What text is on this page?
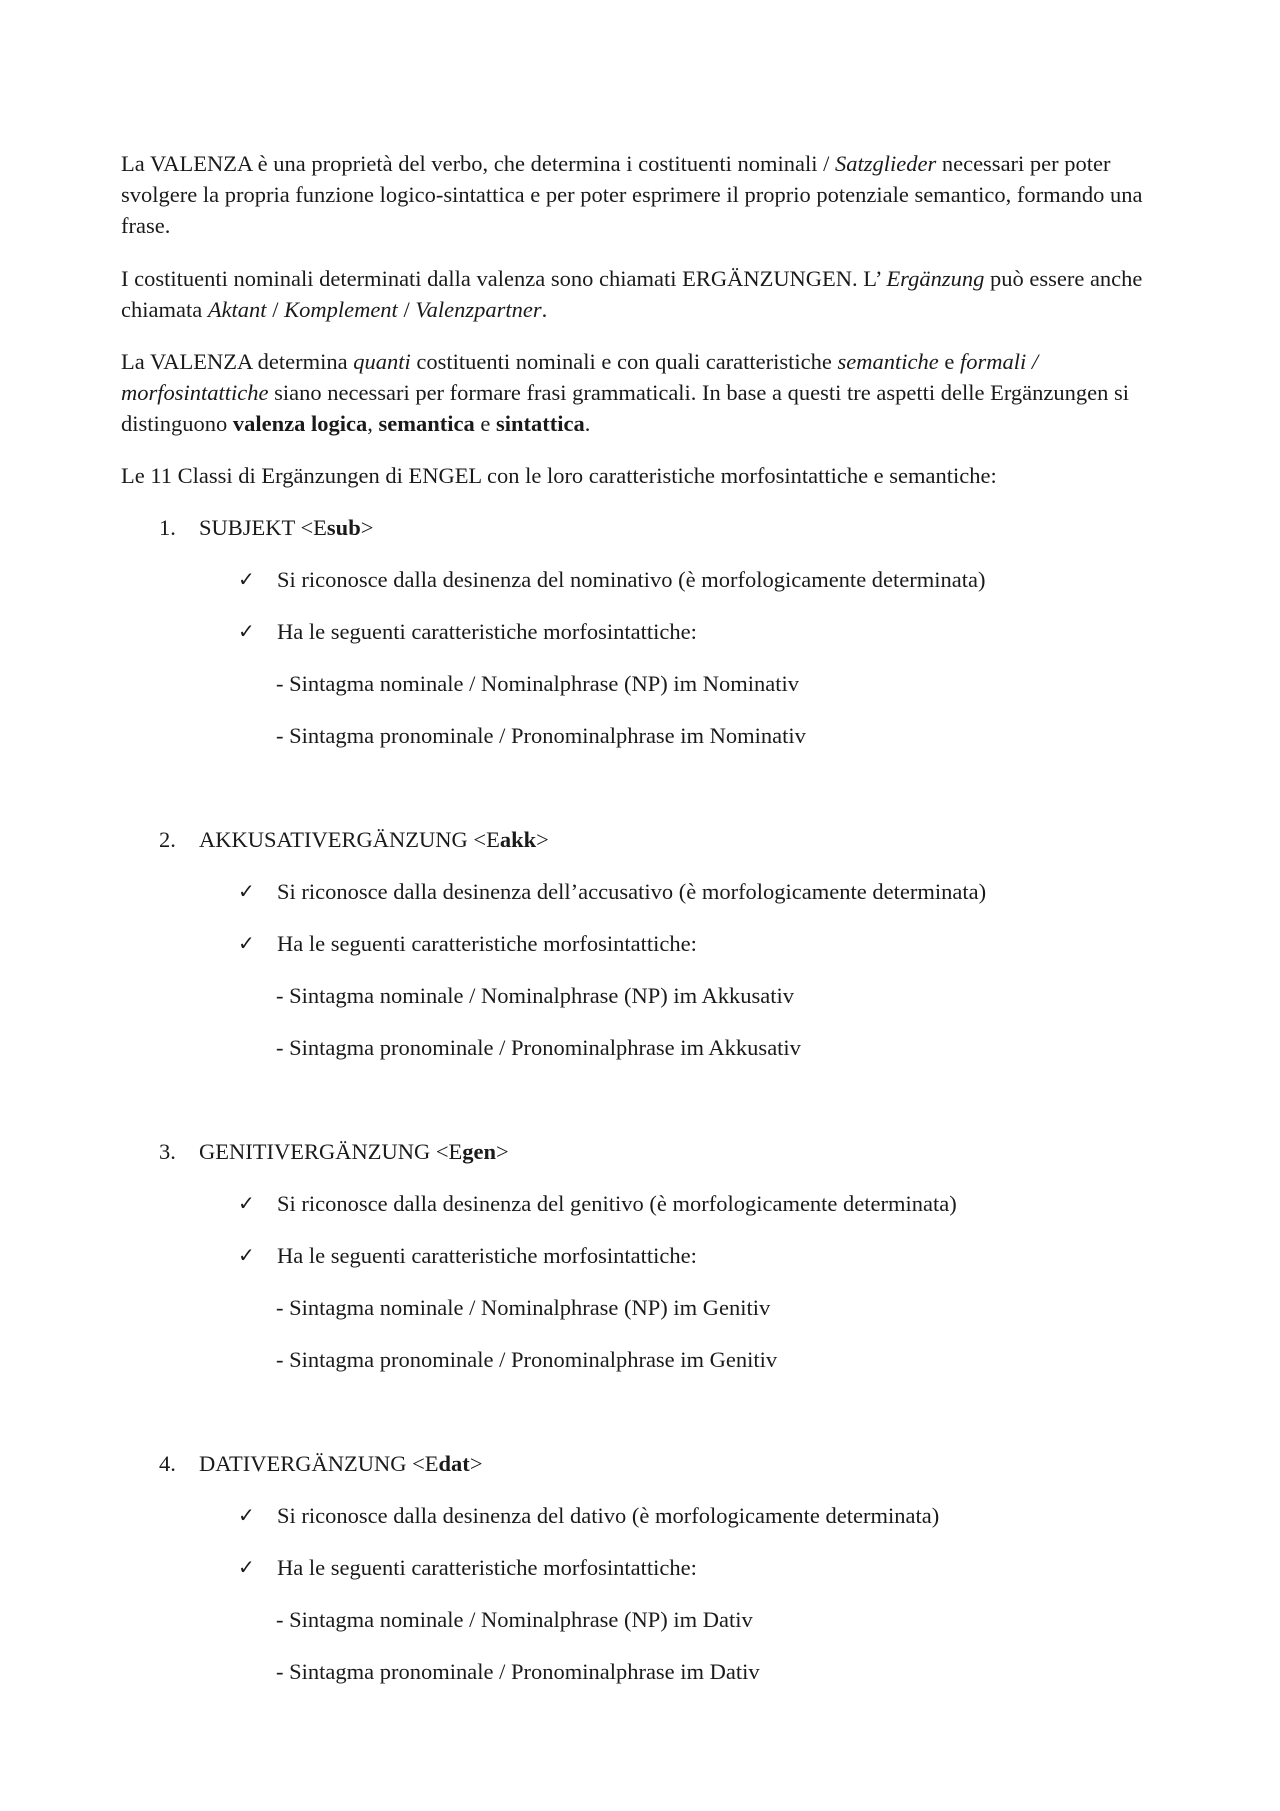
La VALENZA è una proprietà del verbo, che determina i costituenti nominali / Satzglieder necessari per poter svolgere la propria funzione logico-sintattica e per poter esprimere il proprio potenziale semantico, formando una frase.

I costituenti nominali determinati dalla valenza sono chiamati ERGÄNZUNGEN. L’ Ergänzung può essere anche chiamata Aktant / Komplement / Valenzpartner.

La VALENZA determina quanti costituenti nominali e con quali caratteristiche semantiche e formali / morfosintattiche siano necessari per formare frasi grammaticali. In base a questi tre aspetti delle Ergänzungen si distinguono valenza logica, semantica e sintattica.

Le 11 Classi di Ergänzungen di ENGEL con le loro caratteristiche morfosintattiche e semantiche:

1.	SUBJEKT <Esub>
✓ Si riconosce dalla desinenza del nominativo (è morfologicamente determinata)
✓ Ha le seguenti caratteristiche morfosintattiche:
- Sintagma nominale / Nominalphrase (NP) im Nominativ
- Sintagma pronominale / Pronominalphrase im Nominativ
2.	AKKUSATIVERGÄNZUNG <Eakk>
✓ Si riconosce dalla desinenza dell’accusativo (è morfologicamente determinata)
✓ Ha le seguenti caratteristiche morfosintattiche:
- Sintagma nominale / Nominalphrase (NP) im Akkusativ
- Sintagma pronominale / Pronominalphrase im Akkusativ
3.	GENITIVERGÄNZUNG <Egen>
✓ Si riconosce dalla desinenza del genitivo (è morfologicamente determinata)
✓ Ha le seguenti caratteristiche morfosintattiche:
- Sintagma nominale / Nominalphrase (NP) im Genitiv
- Sintagma pronominale / Pronominalphrase im Genitiv
4.	DATIVERGÄNZUNG <Edat>
✓ Si riconosce dalla desinenza del dativo (è morfologicamente determinata)
✓ Ha le seguenti caratteristiche morfosintattiche:
- Sintagma nominale / Nominalphrase (NP) im Dativ
- Sintagma pronominale / Pronominalphrase im Dativ
